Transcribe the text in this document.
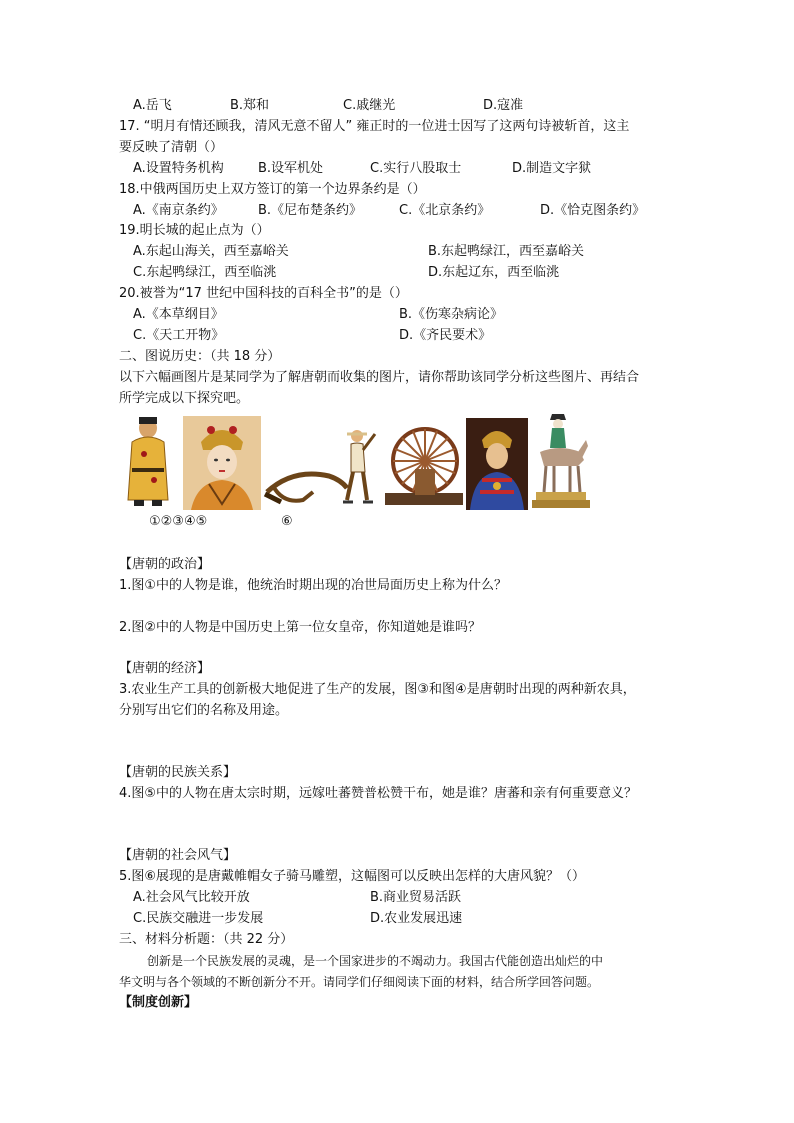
A.岳飞	B.郑和	C.戚继光	D.寇准
17. “明月有情还顾我，清风无意不留人” 雍正时的一位进士因写了这两句诗被斩首，这主
要反映了清朝（）
A.设置特务机构	B.设军机处	C.实行八股取士	D.制造文字狱
18.中俄两国历史上双方签订的第一个边界条约是（）
A.《南京条约》	B.《尼布楚条约》	C.《北京条约》	D.《恰克图条约》
19.明长城的起止点为（）
A.东起山海关，西至嘉峪关	B.东起鸭绿江，西至嘉峪关
C.东起鸭绿江，西至临洮	D.东起辽东，西至临洮
20.被誉为“17 世纪中国科技的百科全书”的是（）
A.《本草纲目》	B.《伤寒杂病论》
C.《天工开物》	D.《齐民要术》
二、图说历史：（共 18 分）
以下六幅画图片是某同学为了解唐朝而收集的图片，请你帮助该同学分析这些图片、再结合
所学完成以下探究吧。
①②③④⑤	⑥
【唐朝的政治】
1.图①中的人物是谁，他统治时期出现的冶世局面历史上称为什么？
2.图②中的人物是中国历史上第一位女皇帝，你知道她是谁吗？
【唐朝的经济】
3.农业生产工具的创新极大地促进了生产的发展，图③和图④是唐朝时出现的两种新农具，
分别写出它们的名称及用途。
【唐朝的民族关系】
4.图⑤中的人物在唐太宗时期，远嫁吐蕃赞普松赞干布，她是谁？唐蕃和亲有何重要意义？
【唐朝的社会风气】
5.图⑥展现的是唐戴帷帽女子骑马雕塑，这幅图可以反映出怎样的大唐风貌？（）
A.社会风气比较开放	B.商业贸易活跃
C.民族交融进一步发展	D.农业发展迅速
三、材料分析题：（共 22 分）
创新是一个民族发展的灵魂，是一个国家进步的不竭动力。我国古代能创造出灿烂的中
华文明与各个领域的不断创新分不开。请同学们仔细阅读下面的材料，结合所学回答问题。
【制度创新】
